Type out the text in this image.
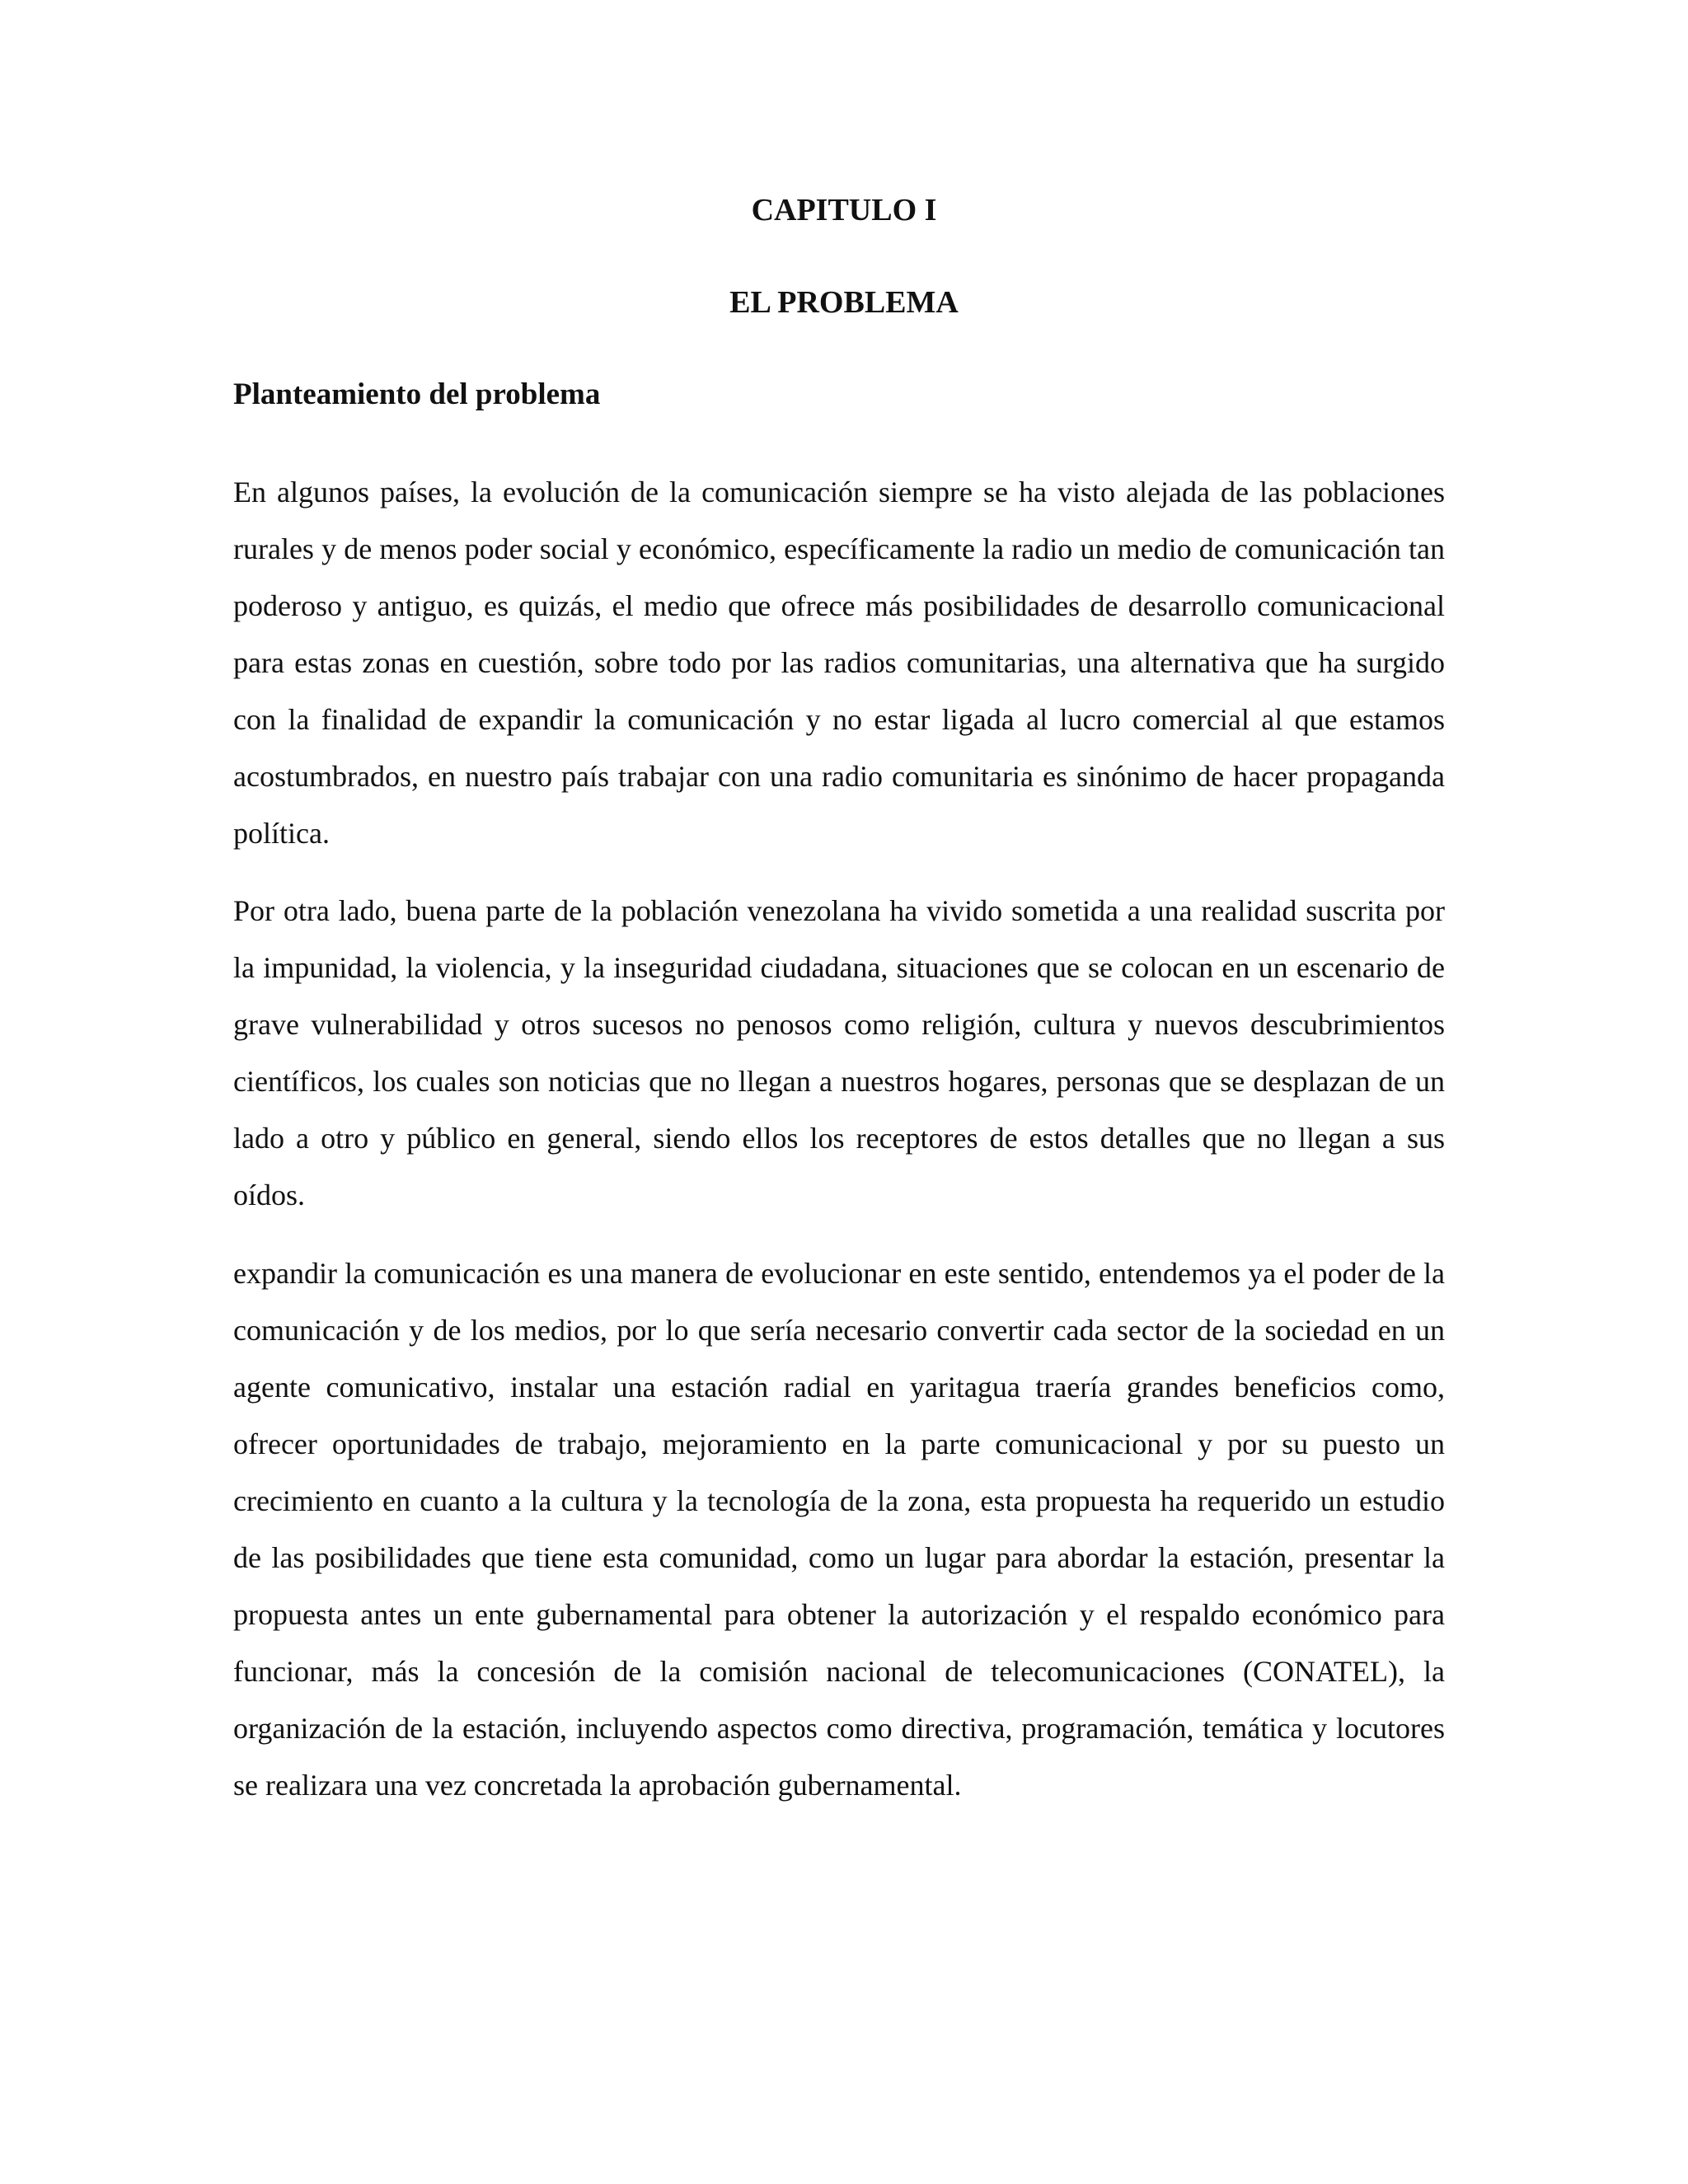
CAPITULO I
EL PROBLEMA
Planteamiento del problema

En algunos países, la evolución de la comunicación siempre se ha visto alejada de las poblaciones rurales y de menos poder social y económico, específicamente la radio un medio de comunicación tan poderoso y antiguo, es quizás, el medio que ofrece más posibilidades de desarrollo comunicacional para estas zonas en cuestión, sobre todo por las radios comunitarias, una alternativa que ha surgido con la finalidad de expandir la comunicación y no estar ligada al lucro comercial al que estamos acostumbrados, en nuestro país trabajar con una radio comunitaria es sinónimo de hacer propaganda política.

Por otra lado, buena parte de la población venezolana ha vivido sometida a una realidad suscrita por la impunidad, la violencia, y la inseguridad ciudadana, situaciones que se colocan en un escenario de grave vulnerabilidad y otros sucesos no penosos como religión, cultura y nuevos descubrimientos científicos, los cuales son noticias que no llegan a nuestros hogares, personas que se desplazan de un lado a otro y público en general, siendo ellos los receptores de estos detalles que no llegan a sus oídos.

expandir la comunicación es una manera de evolucionar en este sentido, entendemos ya el poder de la comunicación y de los medios, por lo que sería necesario convertir cada sector de la sociedad en un agente comunicativo, instalar una estación radial en yaritagua traería grandes beneficios como, ofrecer oportunidades de trabajo, mejoramiento en la parte comunicacional y por su puesto un crecimiento en cuanto a la cultura y la tecnología de la zona, esta propuesta ha requerido un estudio de las posibilidades que tiene esta comunidad, como un lugar para abordar la estación, presentar la propuesta antes un ente gubernamental para obtener la autorización y el respaldo económico para funcionar, más la concesión de la comisión nacional de telecomunicaciones (CONATEL), la organización de la estación, incluyendo aspectos como directiva, programación, temática y locutores se realizara una vez concretada la aprobación gubernamental.
